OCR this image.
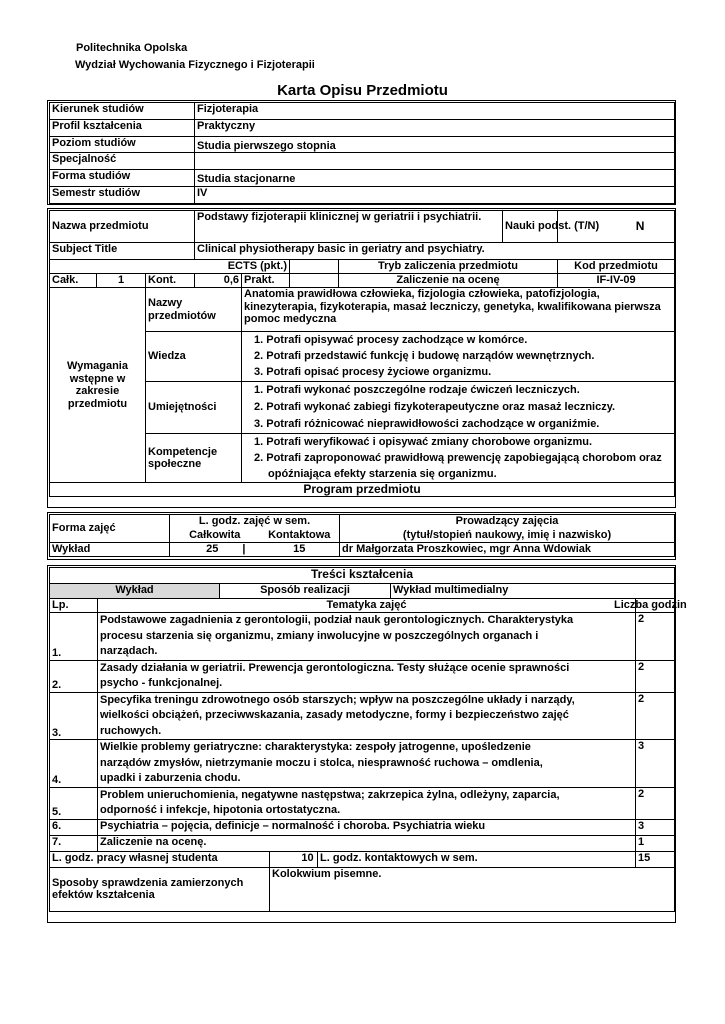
Politechnika Opolska
Wydział Wychowania Fizycznego i Fizjoterapii
Karta Opisu Przedmiotu
Kierunek studiów	Fizjoterapia
Profil kształcenia	Praktyczny
Poziom studiów	Studia pierwszego stopnia
Specjalność	
Forma studiów	Studia stacjonarne
Semestr studiów	IV
Nazwa przedmiotu			Podstawy fizjoterapii klinicznej w geriatrii i psychiatrii.				Nauki podst. (T/N)	N
Subject Title			Clinical physiotherapy basic in geriatry and psychiatry.					
ECTS (pkt.)						Tryb zaliczenia przedmiotu		Kod przedmiotu
Całk.	1	Kont.	0,6	Prakt.		Zaliczenie na ocenę		IF-IV-09
Wymagania wstępne w zakresie przedmiotu		Nazwy przedmiotów		Anatomia prawidłowa człowieka, fizjologia człowieka, patofizjologia, kinezyterapia, fizykoterapia, masaż leczniczy, genetyka, kwalifikowana pierwsza pomoc medyczna				
		Wiedza		1. Potrafi opisywać procesy zachodzące w komórce.
2. Potrafi przedstawić funkcję i budowę narządów wewnętrznych.
3. Potrafi opisać procesy życiowe organizmu.				

		Umiejętności		1. Potrafi wykonać poszczególne rodzaje ćwiczeń leczniczych.
2. Potrafi wykonać zabiegi fizykoterapeutyczne oraz masaż leczniczy.
3. Potrafi różnicować nieprawidłowości zachodzące w organiźmie.				

		Kompetencje społeczne		1. Potrafi weryfikować i opisywać zmiany chorobowe organizmu.
2. Potrafi zaproponować prawidłową prewencję zapobiegającą chorobom oraz opóźniająca efekty starzenia się organizmu.				

Program przedmiotu								
Forma zajęć	L. godz. zajęć w sem.		Prowadzący zajęcia
	Całkowita	Kontaktowa	(tytuł/stopień naukowy, imię i nazwisko)
Wykład	25 |	15	dr Małgorzata Proszkowiec, mgr Anna Wdowiak
Treści kształcenia						
Wykład		Sposób realizacji			Wykład multimedialny	
Lp.	Tematyka zajęć					Liczba godzin
1.	Podstawowe zagadnienia z gerontologii, podział nauk gerontologicznych. Charakterystyka procesu starzenia się organizmu, zmiany inwolucyjne w poszczególnych organach i narządach.					2
2.	Zasady działania w geriatrii. Prewencja gerontologiczna. Testy służące ocenie sprawności psycho - funkcjonalnej.					2
3.	Specyfika treningu zdrowotnego osób starszych; wpływ na poszczególne układy i narządy, wielkości obciążeń, przeciwwskazania, zasady metodyczne, formy i bezpieczeństwo zajęć ruchowych.					2
4.	Wielkie problemy geriatryczne: charakterystyka: zespoły jatrogenne, upośledzenie narządów zmysłów, nietrzymanie moczu i stolca, niesprawność ruchowa – omdlenia, upadki i zaburzenia chodu.					3
5.	Problem unieruchomienia, negatywne następstwa; zakrzepica żylna, odleżyny, zaparcia, odporność i infekcje, hipotonia ortostatyczna.					2
6.	Psychiatria – pojęcia, definicje – normalność i choroba. Psychiatria wieku					3
7.	Zaliczenie na ocenę.					1
L. godz. pracy własnej studenta			10	L. godz. kontaktowych w sem.		15
Sposoby sprawdzenia zamierzonych efektów kształcenia			Kolokwium pisemne.			
